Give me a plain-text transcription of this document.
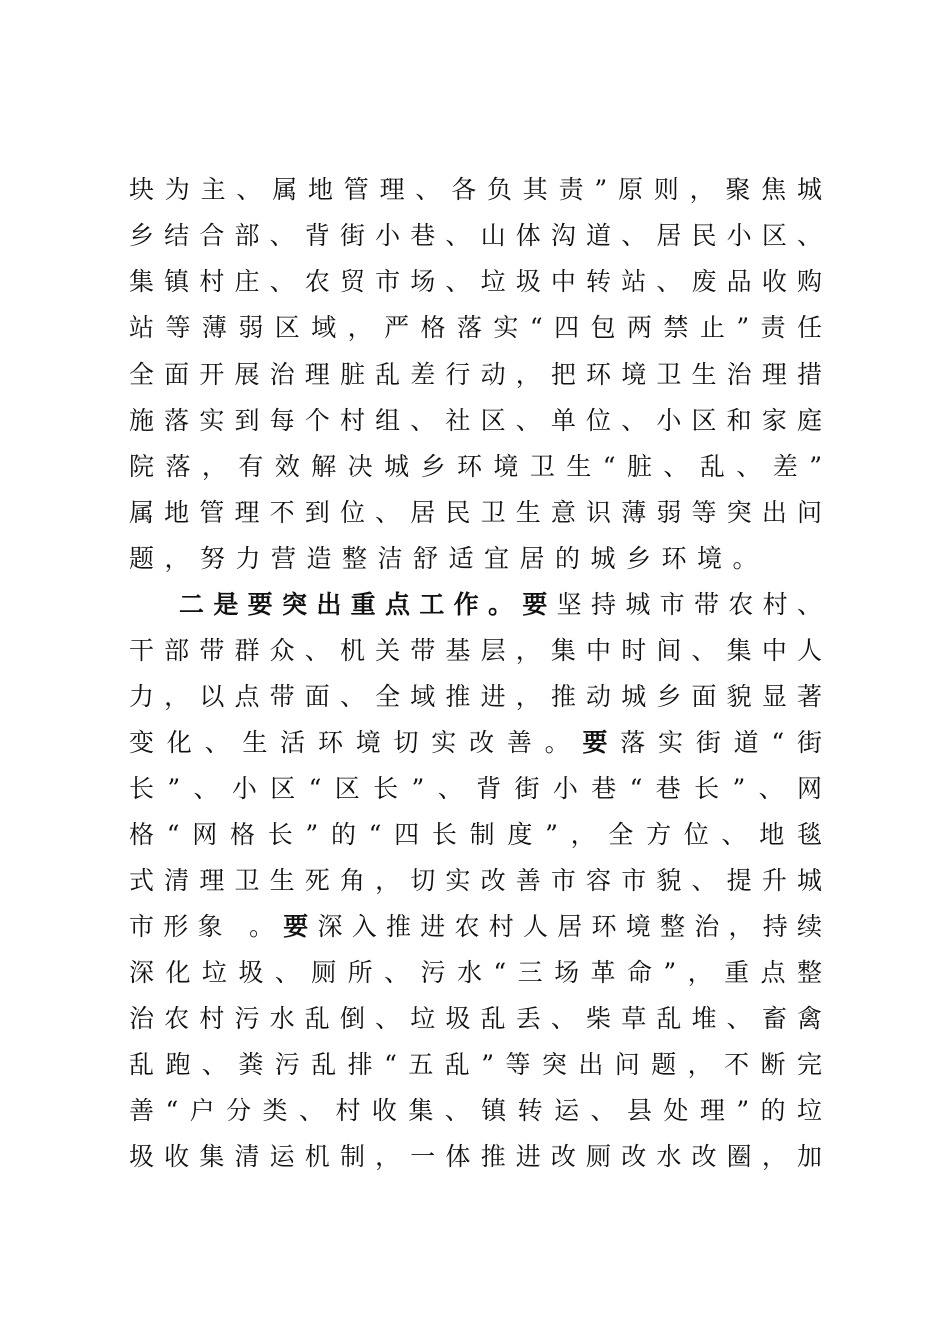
块为主、属地管理、各负其责”原则，聚焦城
乡结合部、背街小巷、山体沟道、居民小区、
集镇村庄、农贸市场、垃圾中转站、废品收购
站等薄弱区域，严格落实“四包两禁止”责任
全面开展治理脏乱差行动，把环境卫生治理措
施落实到每个村组、社区、单位、小区和家庭
院落，有效解决城乡环境卫生“脏、乱、差”
属地管理不到位、居民卫生意识薄弱等突出问
题，努力营造整洁舒适宜居的城乡环境。
二是要突出重点工作。要坚持城市带农村、
干部带群众、机关带基层，集中时间、集中人
力，以点带面、全域推进，推动城乡面貌显著
变化、生活环境切实改善。要落实街道“街
长”、小区“区长”、背街小巷“巷长”、网
格“网格长”的“四长制度”，全方位、地毯
式清理卫生死角，切实改善市容市貌、提升城
市形象 。要深入推进农村人居环境整治，持续
深化垃圾、厕所、污水“三场革命”，重点整
治农村污水乱倒、垃圾乱丢、柴草乱堆、畜禽
乱跑、粪污乱排“五乱”等突出问题，不断完
善“户分类、村收集、镇转运、县处理”的垃
圾收集清运机制，一体推进改厕改水改圈，加
